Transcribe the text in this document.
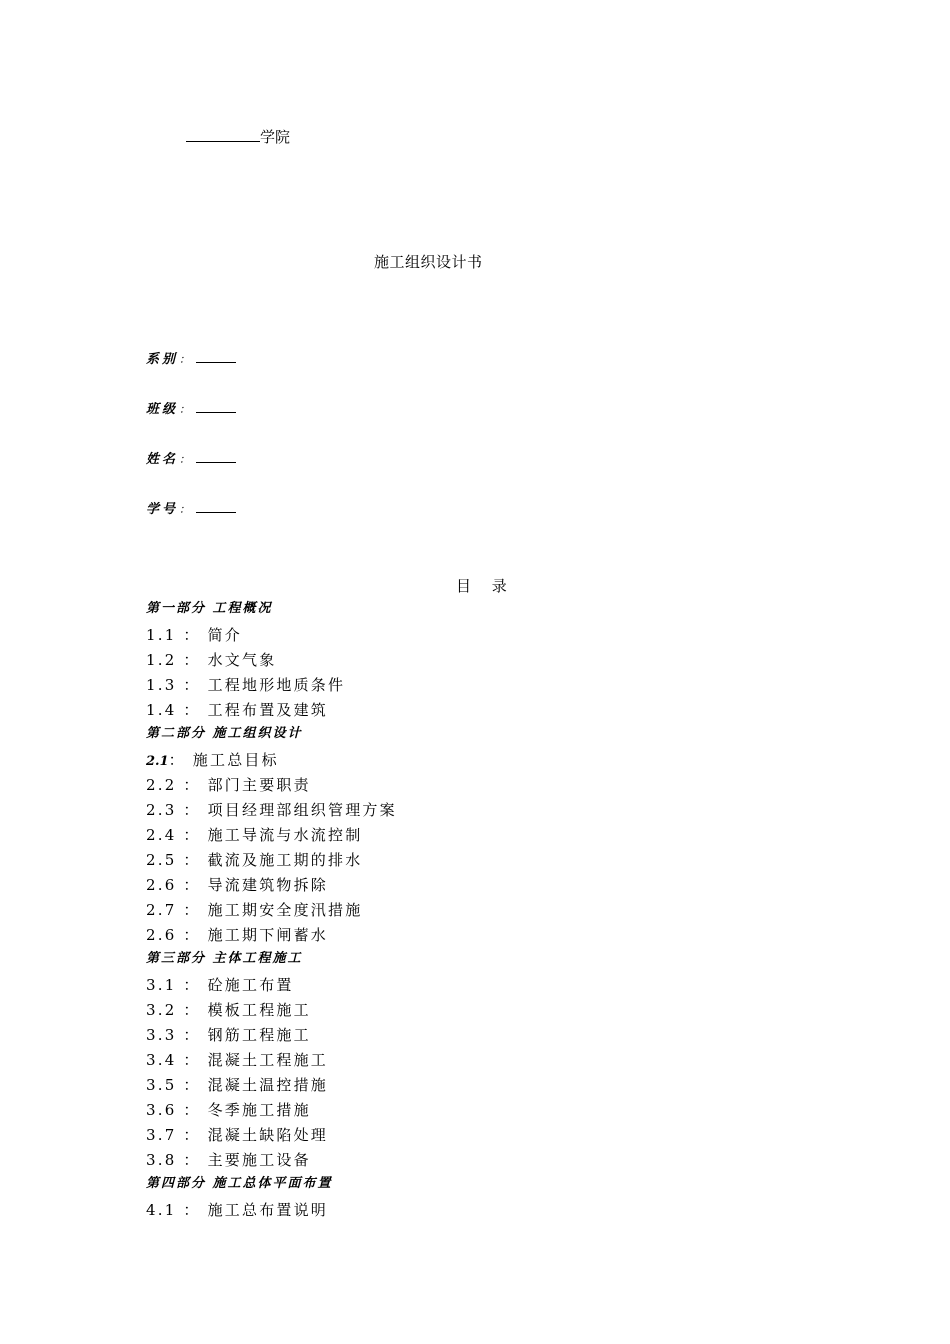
学院
施工组织设计书
系别：
班级：
姓名：
学号：
目 录
第一部分 工程概况
1.1 ： 简介
1.2 ： 水文气象
1.3 ： 工程地形地质条件
1.4 ： 工程布置及建筑
第二部分 施工组织设计
2.1： 施工总目标
2.2 ： 部门主要职责
2.3 ： 项目经理部组织管理方案
2.4 ： 施工导流与水流控制
2.5 ： 截流及施工期的排水
2.6 ： 导流建筑物拆除
2.7 ： 施工期安全度汛措施
2.6 ： 施工期下闸蓄水
第三部分 主体工程施工
3.1 ： 砼施工布置
3.2 ： 模板工程施工
3.3 ： 钢筋工程施工
3.4 ： 混凝土工程施工
3.5 ： 混凝土温控措施
3.6 ： 冬季施工措施
3.7 ： 混凝土缺陷处理
3.8 ： 主要施工设备
第四部分 施工总体平面布置
4.1 ： 施工总布置说明
